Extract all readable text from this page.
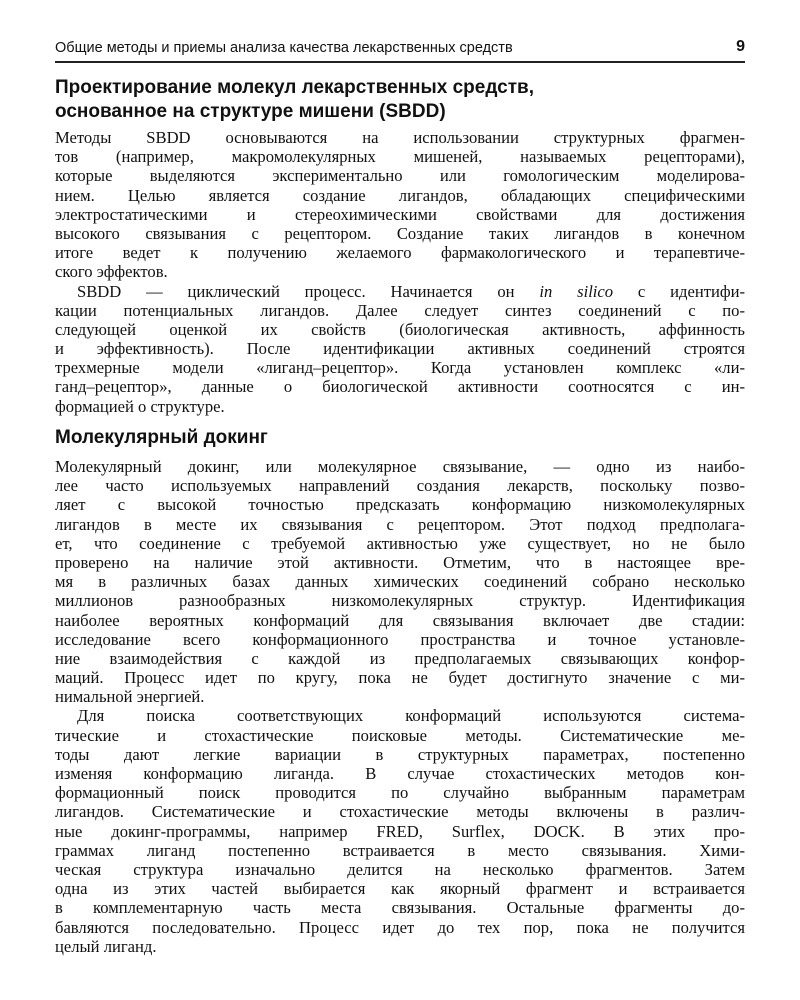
Общие методы и приемы анализа качества лекарственных средств	9
Проектирование молекул лекарственных средств,
основанное на структуре мишени (SBDD)
Методы SBDD основываются на использовании структурных фрагмен-
тов (например, макромолекулярных мишеней, называемых рецепторами),
которые выделяются экспериментально или гомологическим моделирова-
нием. Целью является создание лигандов, обладающих специфическими
электростатическими и стереохимическими свойствами для достижения
высокого связывания с рецептором. Создание таких лигандов в конечном
итоге ведет к получению желаемого фармакологического и терапевтиче-
ского эффектов.
SBDD — циклический процесс. Начинается он in silico с идентифи-
кации потенциальных лигандов. Далее следует синтез соединений с по-
следующей оценкой их свойств (биологическая активность, аффинность
и эффективность). После идентификации активных соединений строятся
трехмерные модели «лиганд–рецептор». Когда установлен комплекс «ли-
ганд–рецептор», данные о биологической активности соотносятся с ин-
формацией о структуре.
Молекулярный докинг
Молекулярный докинг, или молекулярное связывание, — одно из наибо-
лее часто используемых направлений создания лекарств, поскольку позво-
ляет с высокой точностью предсказать конформацию низкомолекулярных
лигандов в месте их связывания с рецептором. Этот подход предполага-
ет, что соединение с требуемой активностью уже существует, но не было
проверено на наличие этой активности. Отметим, что в настоящее вре-
мя в различных базах данных химических соединений собрано несколько
миллионов разнообразных низкомолекулярных структур. Идентификация
наиболее вероятных конформаций для связывания включает две стадии:
исследование всего конформационного пространства и точное установле-
ние взаимодействия с каждой из предполагаемых связывающих конфор-
маций. Процесс идет по кругу, пока не будет достигнуто значение с ми-
нимальной энергией.
Для поиска соответствующих конформаций используются система-
тические и стохастические поисковые методы. Систематические ме-
тоды дают легкие вариации в структурных параметрах, постепенно
изменяя конформацию лиганда. В случае стохастических методов кон-
формационный поиск проводится по случайно выбранным параметрам
лигандов. Систематические и стохастические методы включены в различ-
ные докинг-программы, например FRED, Surflex, DOCK. В этих про-
граммах лиганд постепенно встраивается в место связывания. Хими-
ческая структура изначально делится на несколько фрагментов. Затем
одна из этих частей выбирается как якорный фрагмент и встраивается
в комплементарную часть места связывания. Остальные фрагменты до-
бавляются последовательно. Процесс идет до тех пор, пока не получится
целый лиганд.
